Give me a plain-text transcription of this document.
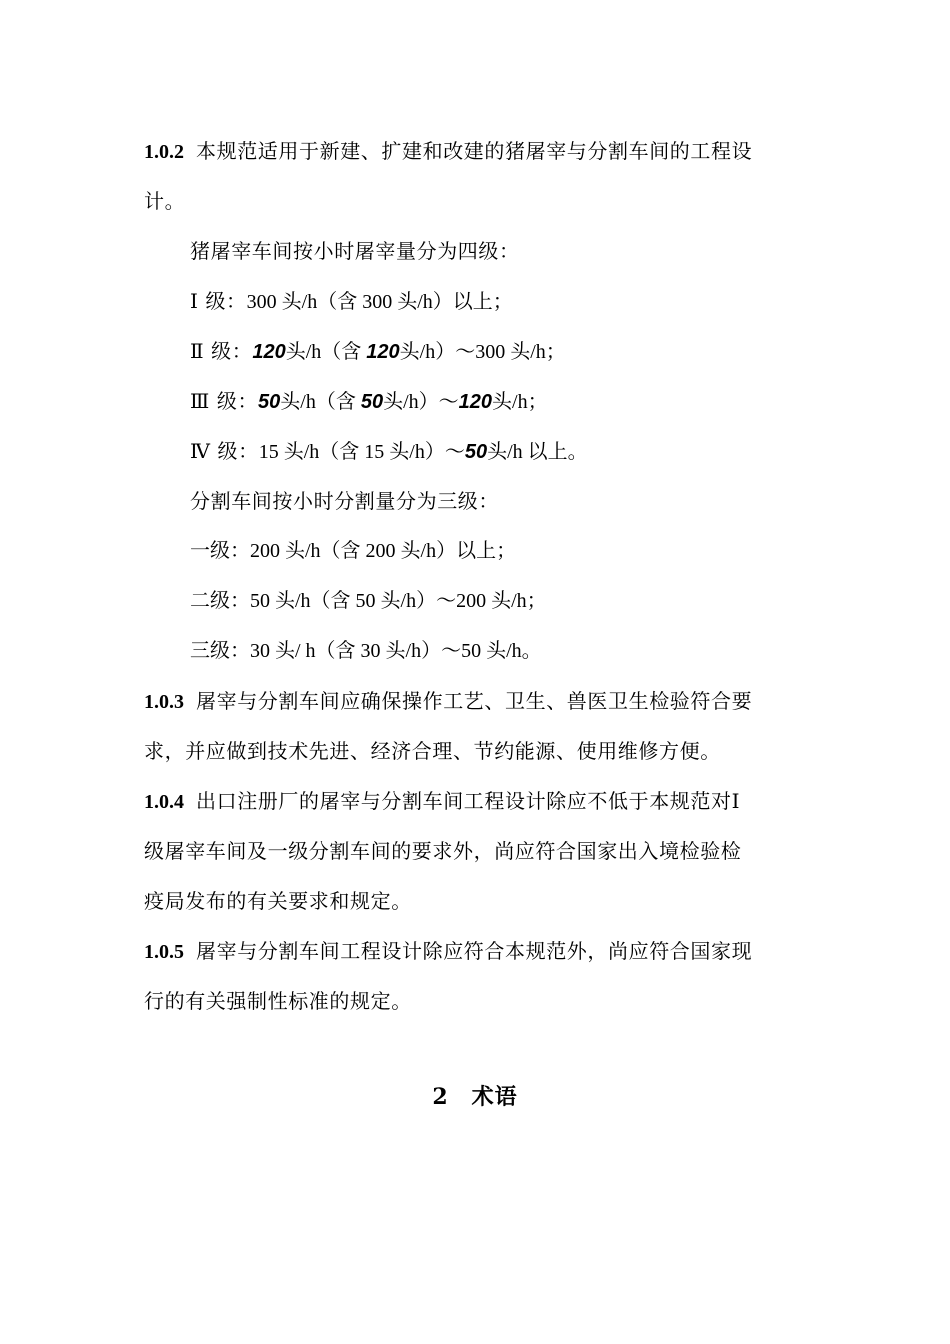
1.0.2 本规范适用于新建、扩建和改建的猪屠宰与分割车间的工程设
计。
猪屠宰车间按小时屠宰量分为四级：
Ⅰ 级：300 头/h（含 300 头/h）以上；
Ⅱ 级：120头/h（含 120头/h）～300 头/h；
Ⅲ 级：50头/h（含 50头/h）～120头/h；
Ⅳ 级：15 头/h（含 15 头/h）～50头/h 以上。
分割车间按小时分割量分为三级：
一级：200 头/h（含 200 头/h）以上；
二级：50 头/h（含 50 头/h）～200 头/h；
三级：30 头/ h（含 30 头/h）～50 头/h。
1.0.3 屠宰与分割车间应确保操作工艺、卫生、兽医卫生检验符合要
求，并应做到技术先进、经济合理、节约能源、使用维修方便。
1.0.4 出口注册厂的屠宰与分割车间工程设计除应不低于本规范对Ⅰ
级屠宰车间及一级分割车间的要求外，尚应符合国家出入境检验检
疫局发布的有关要求和规定。
1.0.5 屠宰与分割车间工程设计除应符合本规范外，尚应符合国家现
行的有关强制性标准的规定。
2　术语
